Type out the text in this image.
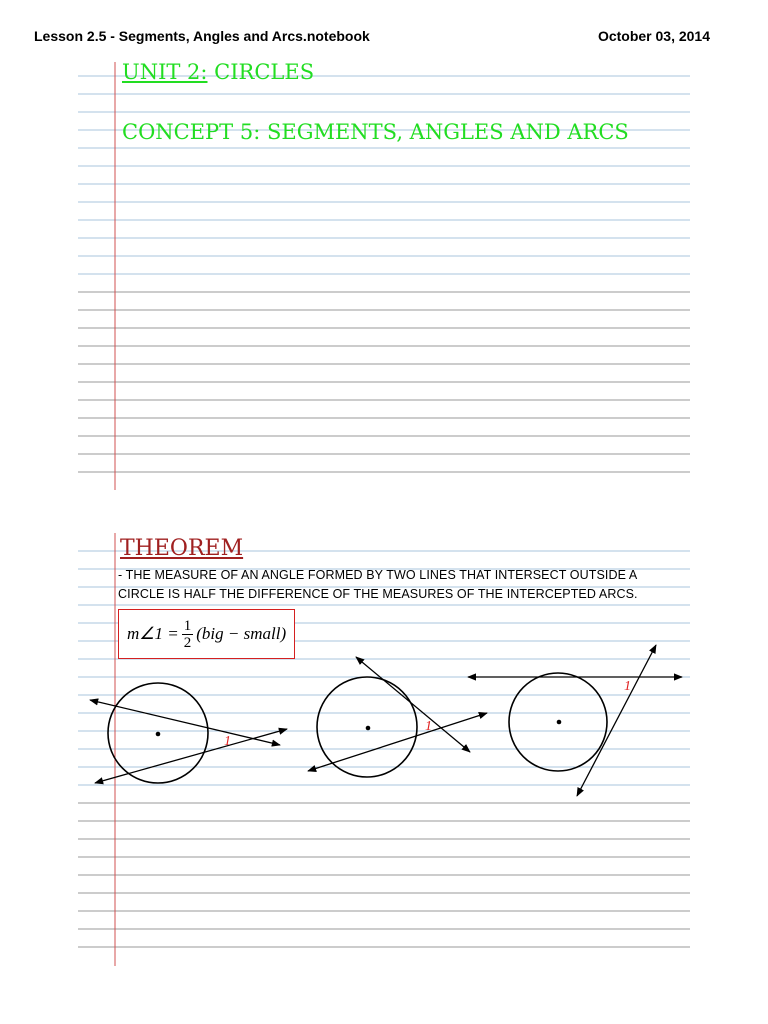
Lesson 2.5 - Segments, Angles and Arcs.notebook	October 03, 2014
UNIT 2: CIRCLES
CONCEPT 5: SEGMENTS, ANGLES AND ARCS
THEOREM
- THE MEASURE OF AN ANGLE FORMED BY TWO LINES THAT INTERSECT OUTSIDE A
CIRCLE IS HALF THE DIFFERENCE OF THE MEASURES OF THE INTERCEPTED ARCS.
m∠1 = $\frac{1}{2} (big$ − small)
1
1
1
